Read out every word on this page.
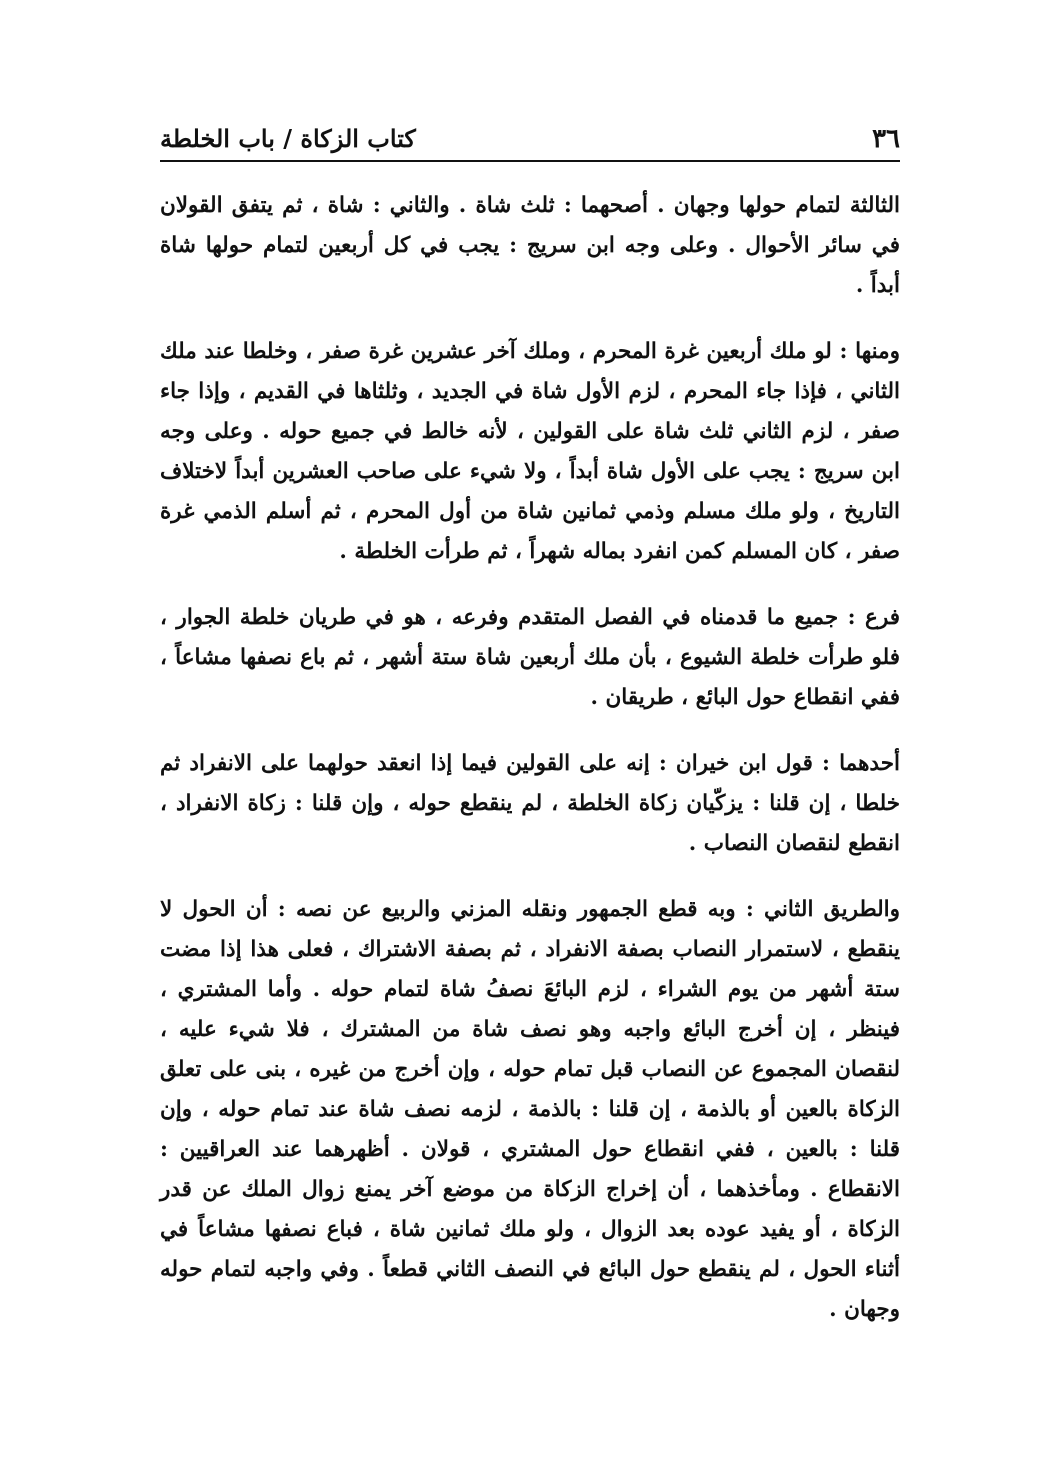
٣٦
كتاب الزكاة / باب الخلطة

الثالثة لتمام حولها وجهان . أصحهما : ثلث شاة . والثاني : شاة ، ثم يتفق القولان في سائر الأحوال . وعلى وجه ابن سريج : يجب في كل أربعين لتمام حولها شاة أبداً .

ومنها : لو ملك أربعين غرة المحرم ، وملك آخر عشرين غرة صفر ، وخلطا عند ملك الثاني ، فإذا جاء المحرم ، لزم الأول شاة في الجديد ، وثلثاها في القديم ، وإذا جاء صفر ، لزم الثاني ثلث شاة على القولين ، لأنه خالط في جميع حوله . وعلى وجه ابن سريج : يجب على الأول شاة أبداً ، ولا شيء على صاحب العشرين أبداً لاختلاف التاريخ ، ولو ملك مسلم وذمي ثمانين شاة من أول المحرم ، ثم أسلم الذمي غرة صفر ، كان المسلم كمن انفرد بماله شهراً ، ثم طرأت الخلطة .

فرع : جميع ما قدمناه في الفصل المتقدم وفرعه ، هو في طريان خلطة الجوار ، فلو طرأت خلطة الشيوع ، بأن ملك أربعين شاة ستة أشهر ، ثم باع نصفها مشاعاً ، ففي انقطاع حول البائع ، طريقان .

أحدهما : قول ابن خيران : إنه على القولين فيما إذا انعقد حولهما على الانفراد ثم خلطا ، إن قلنا : يزكّيان زكاة الخلطة ، لم ينقطع حوله ، وإن قلنا : زكاة الانفراد ، انقطع لنقصان النصاب .

والطريق الثاني : وبه قطع الجمهور ونقله المزني والربيع عن نصه : أن الحول لا ينقطع ، لاستمرار النصاب بصفة الانفراد ، ثم بصفة الاشتراك ، فعلى هذا إذا مضت ستة أشهر من يوم الشراء ، لزم البائعَ نصفُ شاة لتمام حوله . وأما المشتري ، فينظر ، إن أخرج البائع واجبه وهو نصف شاة من المشترك ، فلا شيء عليه ، لنقصان المجموع عن النصاب قبل تمام حوله ، وإن أخرج من غيره ، بنى على تعلق الزكاة بالعين أو بالذمة ، إن قلنا : بالذمة ، لزمه نصف شاة عند تمام حوله ، وإن قلنا : بالعين ، ففي انقطاع حول المشتري ، قولان . أظهرهما عند العراقيين : الانقطاع . ومأخذهما ، أن إخراج الزكاة من موضع آخر يمنع زوال الملك عن قدر الزكاة ، أو يفيد عوده بعد الزوال ، ولو ملك ثمانين شاة ، فباع نصفها مشاعاً في أثناء الحول ، لم ينقطع حول البائع في النصف الثاني قطعاً . وفي واجبه لتمام حوله وجهان .
